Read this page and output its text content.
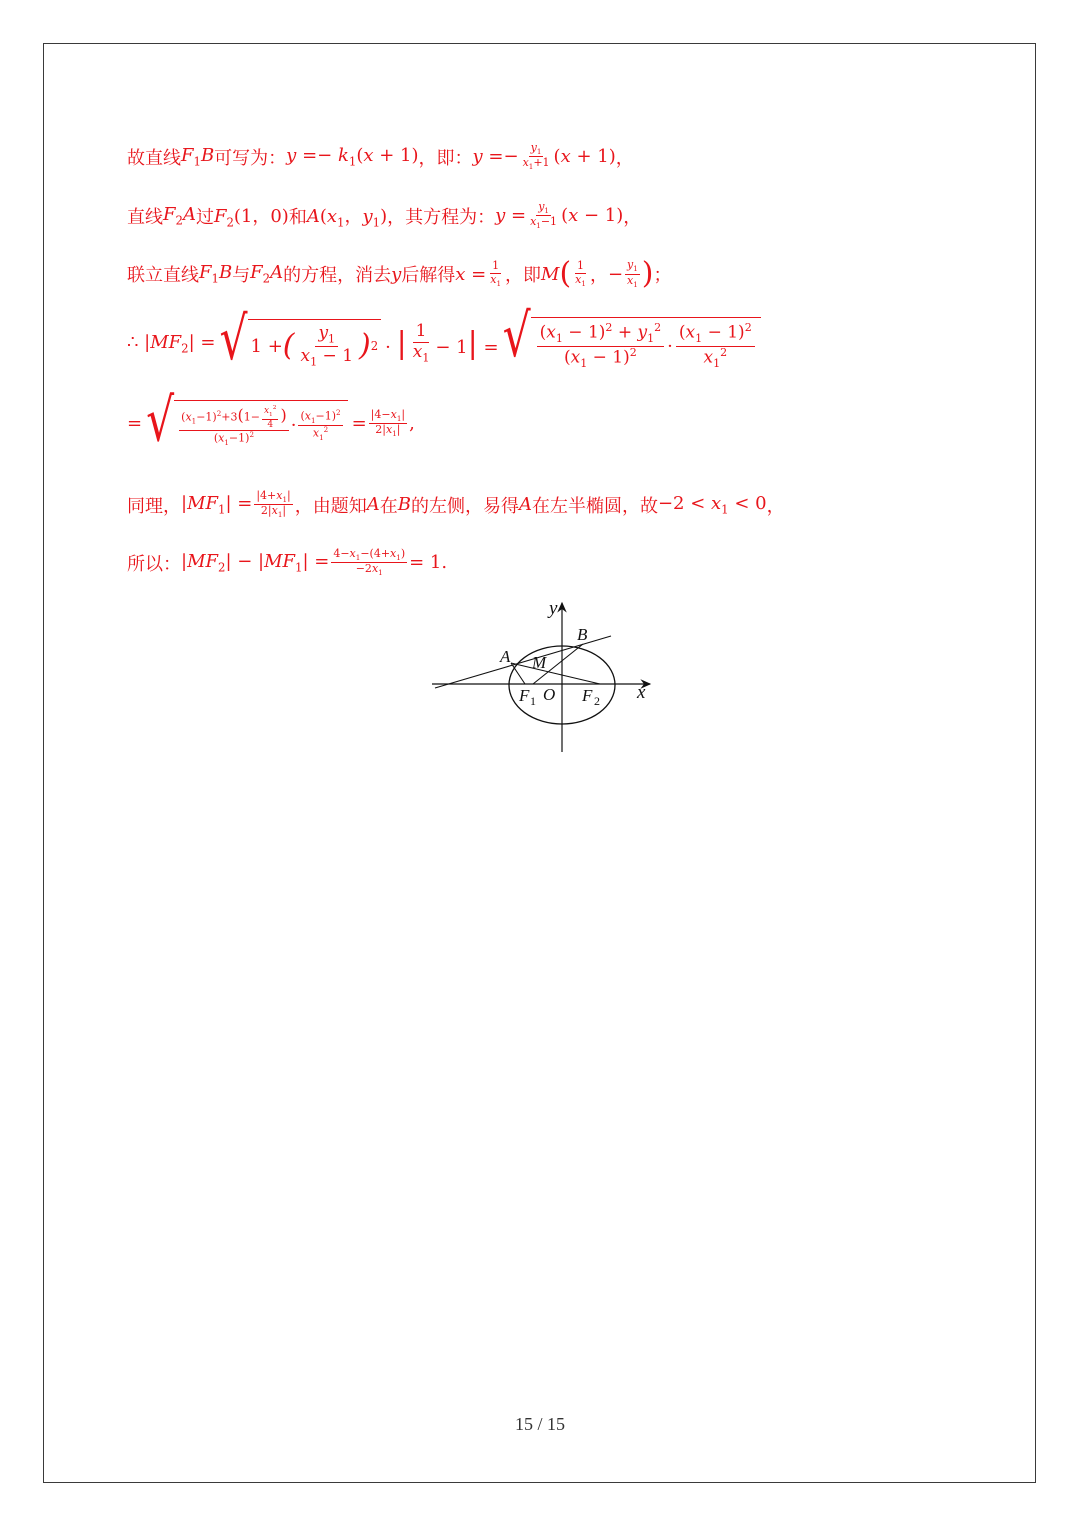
故直线 $F_1B$ 可写为： $y =- k_1(x + 1)$ ，即： $y =- \frac{y_1}{x_1+1} (x + 1)$ ，
直线 $F_2A$ 过 $F_2(1$，0) 和 $A(x_1$，$y_1$) ，其方程为： $y = \frac{y_1}{x_1-1} (x - 1)$ ，
联立直线 $F_1B$ 与 $F_2A$ 的方程，消去 y 后解得 $x = \frac{1}{x_1}$ ，即 M ( $\frac{1}{x_1}$ ， − $\frac{y_1}{x_1}$ ) ；
∴ $|MF_2|$ = √ 1 + ( $\frac{y_1}{x_1 - 1}$ ) 2 · | $\frac{1}{x_1} - 1|$ = √ $\frac{(x_1 - 1)^2 + y_1^2}{(x_1 - 1)^2} \cdot \frac{(x_1 - 1)^2}{x_1^2}$
= √ $\frac{(x_1-1)^2+3(1- \frac{x_1^2}{4} )}{(x_1-1)^2} \cdot \frac{(x_1-1)^2}{x_1^2} = \frac{|4-x_1|}{2|x_1|}$ ,
同理， $|MF_1| = \frac{|4+x_1|}{2|x_1|}$ ，由题知 A 在 B 的左侧，易得 A 在左半椭圆，故 $-2 < x_1 < 0$ ，
所以： $|MF_2| - |MF_1| = \frac{4-x_1-(4+x_1)}{-2x_1} = 1$ .
y
x
A
B
M
F 1 O F 2
15 / 15
